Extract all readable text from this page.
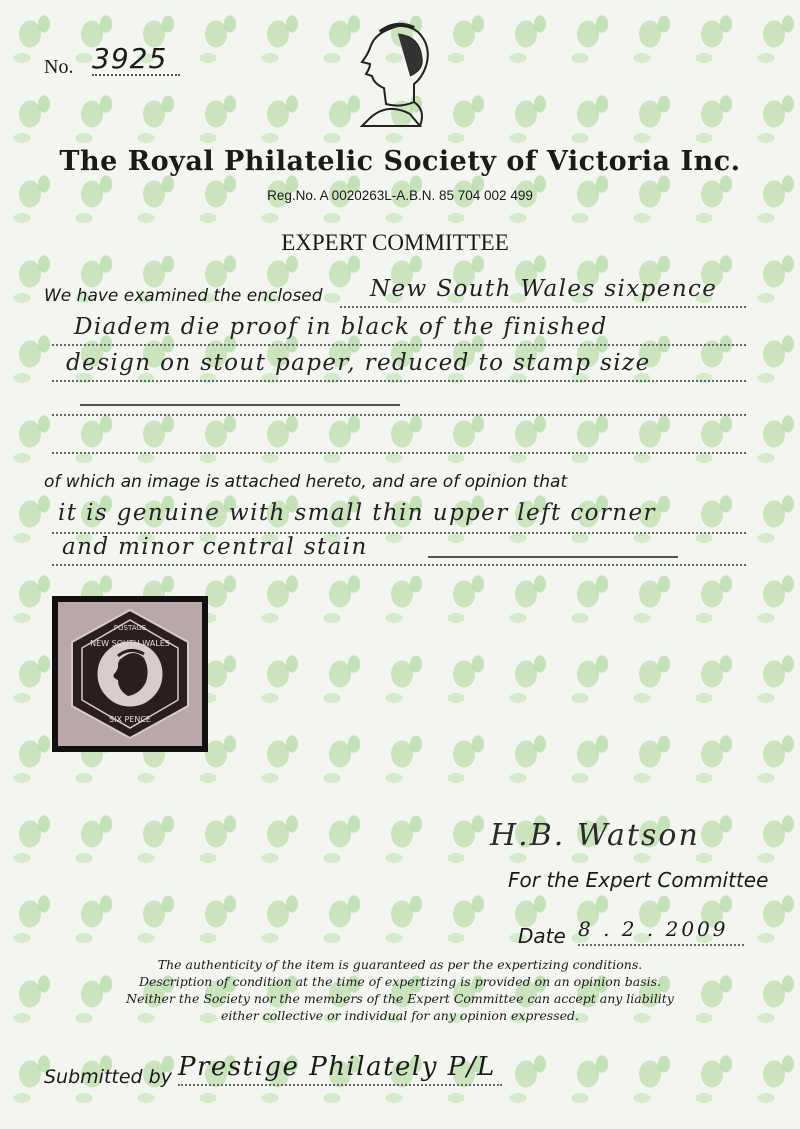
No. 3925
The Royal Philatelic Society of Victoria Inc.
Reg.No. A 0020263L-A.B.N. 85 704 002 499
EXPERT COMMITTEE
We have examined the enclosed New South Wales sixpence
Diadem die proof in black of the finished
design on stout paper, reduced to stamp size
of which an image is attached hereto, and are of opinion that
it is genuine with small thin upper left corner
and minor central stain
POSTAGE
NEW SOUTH WALES
SIX PENCE
H.B. Watson
For the Expert Committee
Date 8 . 2 . 2009
The authenticity of the item is guaranteed as per the expertizing conditions.
Description of condition at the time of expertizing is provided on an opinion basis.
Neither the Society nor the members of the Expert Committee can accept any liability
either collective or individual for any opinion expressed.
Submitted by Prestige Philately P/L
